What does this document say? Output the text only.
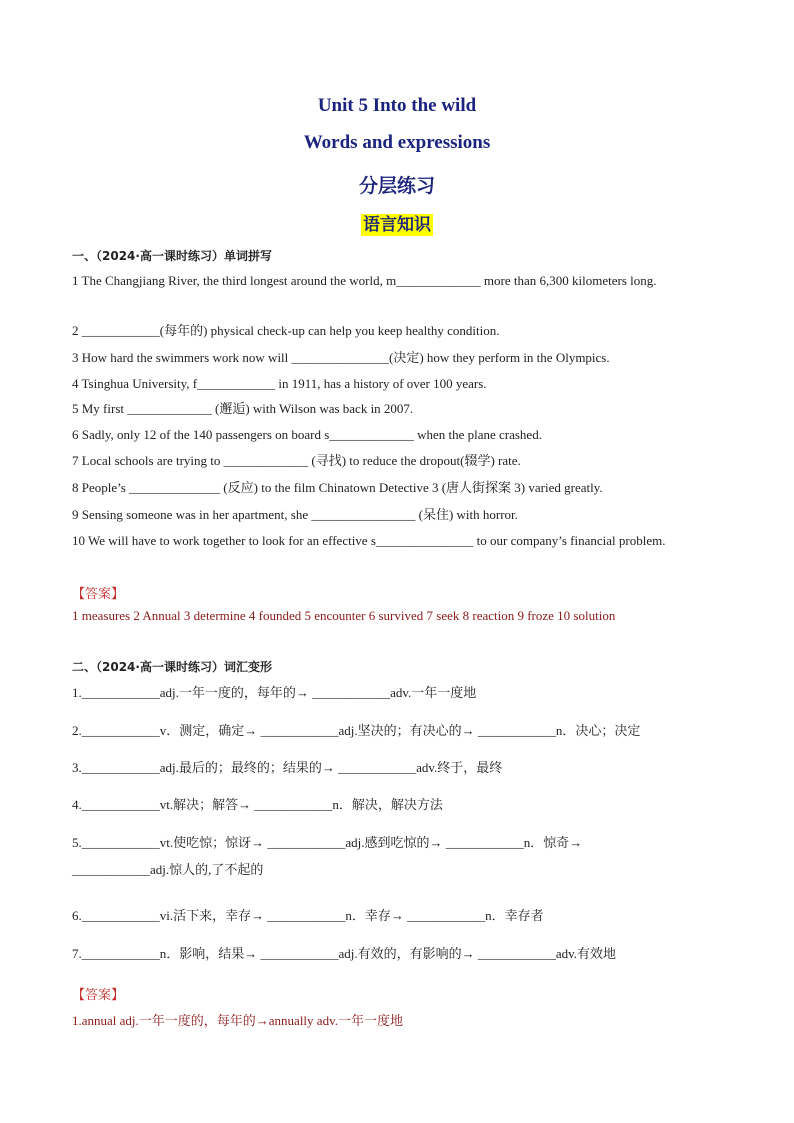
Unit 5 Into the wild
Words and expressions
分层练习
语言知识
一、（2024·高一课时练习）单词拼写
1 The Changjiang River, the third longest around the world, m_____________ more than 6,300 kilometers long.
2 ____________(每年的) physical check-up can help you keep healthy condition.
3 How hard the swimmers work now will _______________(决定) how they perform in the Olympics.
4 Tsinghua University, f____________ in 1911, has a history of over 100 years.
5 My first _____________ (邂逅) with Wilson was back in 2007.
6 Sadly, only 12 of the 140 passengers on board s_____________ when the plane crashed.
7 Local schools are trying to _____________ (寻找) to reduce the dropout(辍学) rate.
8 People’s ______________ (反应) to the film Chinatown Detective 3 (唐人街探案 3) varied greatly.
9 Sensing someone was in her apartment, she ________________ (呆住) with horror.
10 We will have to work together to look for an effective s_______________ to our company’s financial problem.
【答案】
1 measures 2 Annual 3 determine 4 founded 5 encounter 6 survived 7 seek 8 reaction 9 froze 10 solution
二、（2024·高一课时练习）词汇变形
1.____________adj.一年一度的，每年的→ ____________adv.一年一度地
2.____________v．测定，确定→ ____________adj.坚决的；有决心的→ ____________n．决心；决定
3.____________adj.最后的；最终的；结果的→ ____________adv.终于，最终
4.____________vt.解决；解答→ ____________n．解决，解决方法
5.____________vt.使吃惊；惊讶→ ____________adj.感到吃惊的→ ____________n．惊奇→
____________adj.惊人的,了不起的
6.____________vi.活下来，幸存→ ____________n．幸存→ ____________n．幸存者
7.____________n．影响，结果→ ____________adj.有效的，有影响的→ ____________adv.有效地
【答案】
1.annual adj.一年一度的，每年的→annually adv.一年一度地
